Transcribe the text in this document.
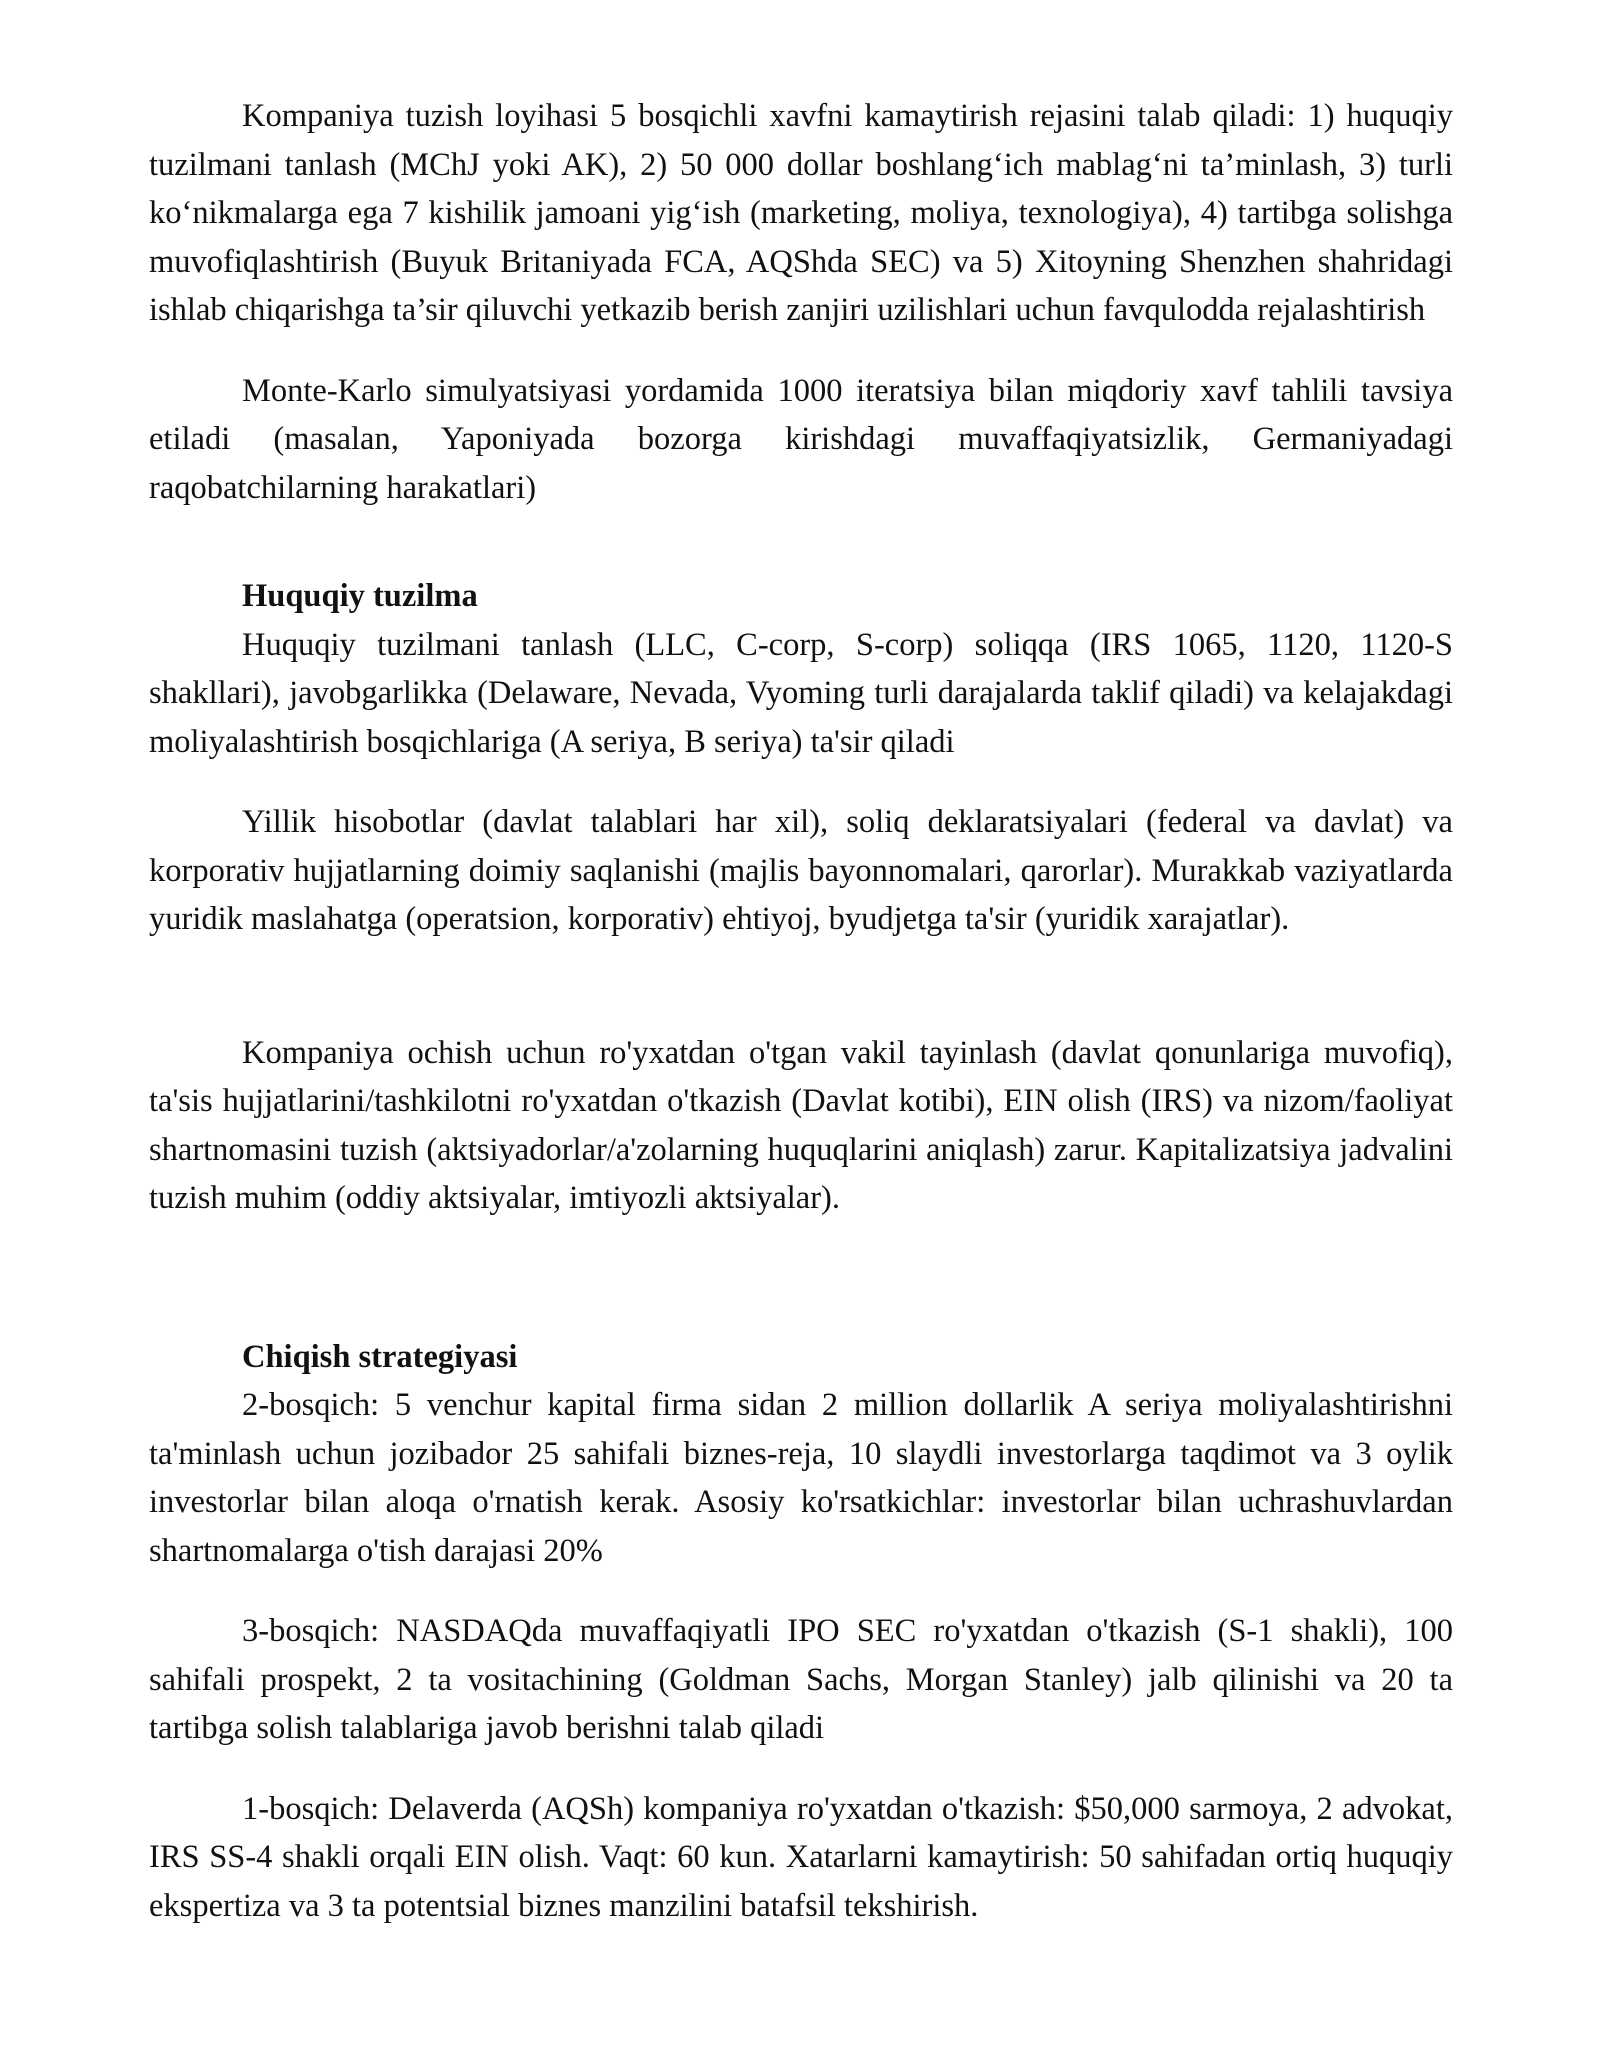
Kompaniya tuzish loyihasi 5 bosqichli xavfni kamaytirish rejasini talab qiladi: 1) huquqiy tuzilmani tanlash (MChJ yoki AK), 2) 50 000 dollar boshlang‘ich mablag‘ni ta’minlash, 3) turli ko‘nikmalarga ega 7 kishilik jamoani yig‘ish (marketing, moliya, texnologiya), 4) tartibga solishga muvofiqlashtirish (Buyuk Britaniyada FCA, AQShda SEC) va 5) Xitoyning Shenzhen shahridagi ishlab chiqarishga ta’sir qiluvchi yetkazib berish zanjiri uzilishlari uchun favqulodda rejalashtirish

Monte-Karlo simulyatsiyasi yordamida 1000 iteratsiya bilan miqdoriy xavf tahlili tavsiya etiladi (masalan, Yaponiyada bozorga kirishdagi muvaffaqiyatsizlik, Germaniyadagi raqobatchilarning harakatlari)

Huquqiy tuzilma

Huquqiy tuzilmani tanlash (LLC, C-corp, S-corp) soliqqa (IRS 1065, 1120, 1120-S shakllari), javobgarlikka (Delaware, Nevada, Vyoming turli darajalarda taklif qiladi) va kelajakdagi moliyalashtirish bosqichlariga (A seriya, B seriya) ta'sir qiladi

Yillik hisobotlar (davlat talablari har xil), soliq deklaratsiyalari (federal va davlat) va korporativ hujjatlarning doimiy saqlanishi (majlis bayonnomalari, qarorlar). Murakkab vaziyatlarda yuridik maslahatga (operatsion, korporativ) ehtiyoj, byudjetga ta'sir (yuridik xarajatlar).

Kompaniya ochish uchun ro'yxatdan o'tgan vakil tayinlash (davlat qonunlariga muvofiq), ta'sis hujjatlarini/tashkilotni ro'yxatdan o'tkazish (Davlat kotibi), EIN olish (IRS) va nizom/faoliyat shartnomasini tuzish (aktsiyadorlar/a'zolarning huquqlarini aniqlash) zarur. Kapitalizatsiya jadvalini tuzish muhim (oddiy aktsiyalar, imtiyozli aktsiyalar).

Chiqish strategiyasi

2-bosqich: 5 venchur kapital firma sidan 2 million dollarlik A seriya moliyalashtirishni ta'minlash uchun jozibador 25 sahifali biznes-reja, 10 slaydli investorlarga taqdimot va 3 oylik investorlar bilan aloqa o'rnatish kerak. Asosiy ko'rsatkichlar: investorlar bilan uchrashuvlardan shartnomalarga o'tish darajasi 20%

3-bosqich: NASDAQda muvaffaqiyatli IPO SEC ro'yxatdan o'tkazish (S-1 shakli), 100 sahifali prospekt, 2 ta vositachining (Goldman Sachs, Morgan Stanley) jalb qilinishi va 20 ta tartibga solish talablariga javob berishni talab qiladi

1-bosqich: Delaverda (AQSh) kompaniya ro'yxatdan o'tkazish: $50,000 sarmoya, 2 advokat, IRS SS-4 shakli orqali EIN olish. Vaqt: 60 kun. Xatarlarni kamaytirish: 50 sahifadan ortiq huquqiy ekspertiza va 3 ta potentsial biznes manzilini batafsil tekshirish.
